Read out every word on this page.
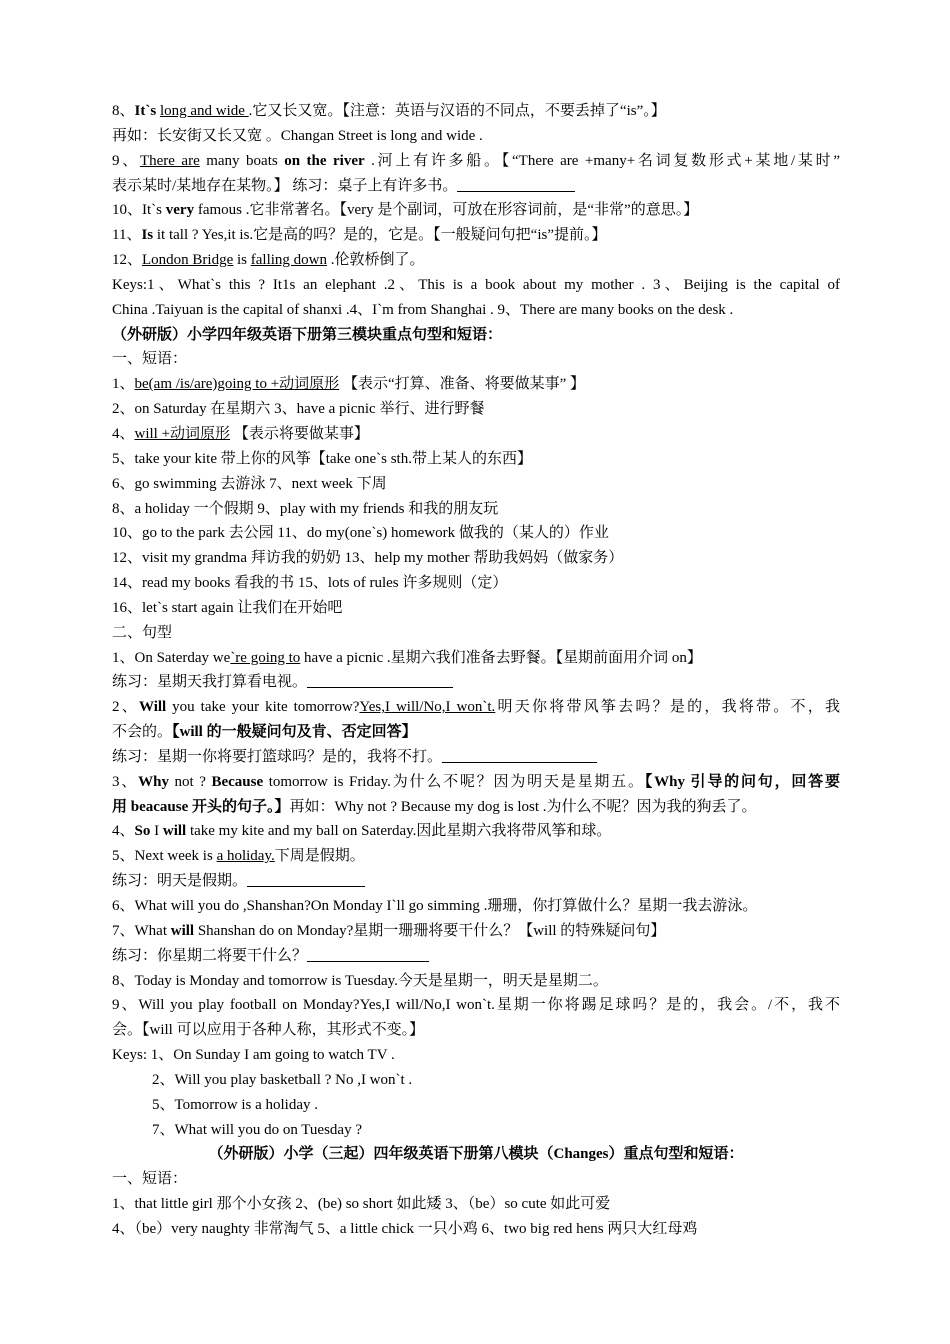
8、It`s long and wide .它又长又宽。【注意：英语与汉语的不同点，不要丢掉了“is”。】
再如：长安街又长又宽 。Changan Street is long and wide .
9、There are many boats on the river .河上有许多船。【“There are +many+名词复数形式+某地/某时”
表示某时/某地存在某物。】 练习：桌子上有许多书。
10、It`s very famous .它非常著名。【very 是个副词，可放在形容词前，是“非常”的意思。】
11、Is it tall ? Yes,it is.它是高的吗？是的，它是。【一般疑问句把“is”提前。】
12、London Bridge is falling down .伦敦桥倒了。
Keys:1、What`s this ? It1s an elephant .2、This is a book about my mother . 3、Beijing is the capital of
China .Taiyuan is the capital of shanxi .4、I`m from Shanghai . 9、There are many books on the desk .
（外研版）小学四年级英语下册第三模块重点句型和短语：
一、短语：
1、be(am /is/are)going to +动词原形 【表示“打算、准备、将要做某事” 】
2、on Saturday 在星期六 3、have a picnic 举行、进行野餐
4、will +动词原形 【表示将要做某事】
5、take your kite 带上你的风筝【take one`s sth.带上某人的东西】
6、go swimming 去游泳 7、next week 下周
8、a holiday 一个假期 9、play with my friends 和我的朋友玩
10、go to the park 去公园 11、do my(one`s) homework 做我的（某人的）作业
12、visit my grandma 拜访我的奶奶 13、help my mother 帮助我妈妈（做家务）
14、read my books 看我的书 15、lots of rules 许多规则（定）
16、let`s start again 让我们在开始吧
二、句型
1、On Saterday we`re going to have a picnic .星期六我们准备去野餐。【星期前面用介词 on】
练习：星期天我打算看电视。
2、Will you take your kite tomorrow?Yes,I will/No,I won`t.明天你将带风筝去吗？是的，我将带。不，我
不会的。【will 的一般疑问句及肯、否定回答】
练习：星期一你将要打篮球吗？是的，我将不打。
3、Why not ? Because tomorrow is Friday.为什么不呢？因为明天是星期五。【Why 引导的问句，回答要
用 beacause 开头的句子。】再如：Why not ? Because my dog is lost .为什么不呢？因为我的狗丢了。
4、So I will take my kite and my ball on Saterday.因此星期六我将带风筝和球。
5、Next week is a holiday.下周是假期。
练习：明天是假期。
6、What will you do ,Shanshan?On Monday I`ll go simming .珊珊，你打算做什么？星期一我去游泳。
7、What will Shanshan do on Monday?星期一珊珊将要干什么？【will 的特殊疑问句】
练习：你星期二将要干什么？
8、Today is Monday and tomorrow is Tuesday.今天是星期一，明天是星期二。
9、Will you play football on Monday?Yes,I will/No,I won`t.星期一你将踢足球吗？是的，我会。/不，我不
会。【will 可以应用于各种人称，其形式不变。】
Keys: 1、On Sunday I am going to watch TV .
2、Will you play basketball ? No ,I won`t .
5、Tomorrow is a holiday .
7、What will you do on Tuesday ?
（外研版）小学（三起）四年级英语下册第八模块（Changes）重点句型和短语：
一、短语：
1、that little girl 那个小女孩 2、(be) so short 如此矮 3、（be）so cute 如此可爱
4、（be）very naughty 非常淘气 5、a little chick 一只小鸡 6、two big red hens 两只大红母鸡
